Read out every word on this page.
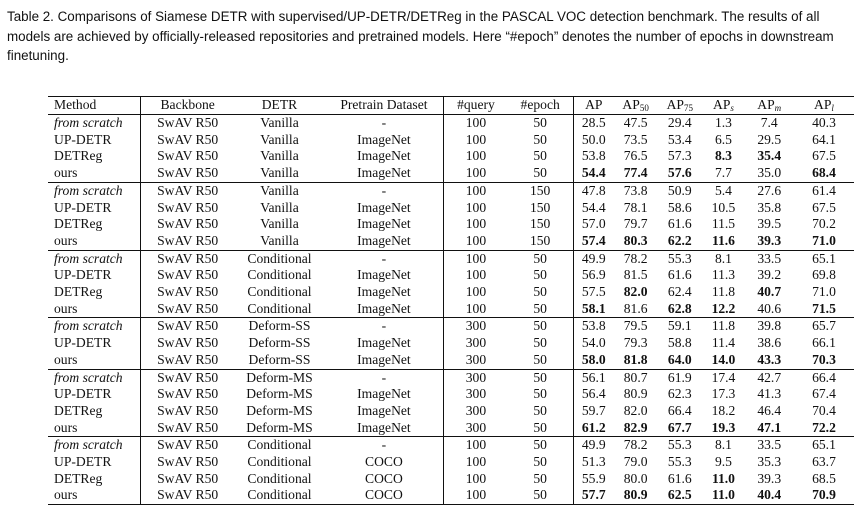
Table 2. Comparisons of Siamese DETR with supervised/UP-DETR/DETReg in the PASCAL VOC detection benchmark. The results of all models are achieved by officially-released repositories and pretrained models. Here “#epoch” denotes the number of epochs in downstream finetuning.

Method	Backbone	DETR	Pretrain Dataset	#query	#epoch	AP	$AP_{50}$	$AP_{75}$	$AP_s$	$AP_m$	$AP_l$
from scratch	SwAV R50	Vanilla	-	100	50	28.5	47.5	29.4	1.3	7.4	40.3
UP-DETR	SwAV R50	Vanilla	ImageNet	100	50	50.0	73.5	53.4	6.5	29.5	64.1
DETReg	SwAV R50	Vanilla	ImageNet	100	50	53.8	76.5	57.3	8.3	35.4	67.5
ours	SwAV R50	Vanilla	ImageNet	100	50	54.4	77.4	57.6	7.7	35.0	68.4
from scratch	SwAV R50	Vanilla	-	100	150	47.8	73.8	50.9	5.4	27.6	61.4
UP-DETR	SwAV R50	Vanilla	ImageNet	100	150	54.4	78.1	58.6	10.5	35.8	67.5
DETReg	SwAV R50	Vanilla	ImageNet	100	150	57.0	79.7	61.6	11.5	39.5	70.2
ours	SwAV R50	Vanilla	ImageNet	100	150	57.4	80.3	62.2	11.6	39.3	71.0
from scratch	SwAV R50	Conditional	-	100	50	49.9	78.2	55.3	8.1	33.5	65.1
UP-DETR	SwAV R50	Conditional	ImageNet	100	50	56.9	81.5	61.6	11.3	39.2	69.8
DETReg	SwAV R50	Conditional	ImageNet	100	50	57.5	82.0	62.4	11.8	40.7	71.0
ours	SwAV R50	Conditional	ImageNet	100	50	58.1	81.6	62.8	12.2	40.6	71.5
from scratch	SwAV R50	Deform-SS	-	300	50	53.8	79.5	59.1	11.8	39.8	65.7
UP-DETR	SwAV R50	Deform-SS	ImageNet	300	50	54.0	79.3	58.8	11.4	38.6	66.1
ours	SwAV R50	Deform-SS	ImageNet	300	50	58.0	81.8	64.0	14.0	43.3	70.3
from scratch	SwAV R50	Deform-MS	-	300	50	56.1	80.7	61.9	17.4	42.7	66.4
UP-DETR	SwAV R50	Deform-MS	ImageNet	300	50	56.4	80.9	62.3	17.3	41.3	67.4
DETReg	SwAV R50	Deform-MS	ImageNet	300	50	59.7	82.0	66.4	18.2	46.4	70.4
ours	SwAV R50	Deform-MS	ImageNet	300	50	61.2	82.9	67.7	19.3	47.1	72.2
from scratch	SwAV R50	Conditional	-	100	50	49.9	78.2	55.3	8.1	33.5	65.1
UP-DETR	SwAV R50	Conditional	COCO	100	50	51.3	79.0	55.3	9.5	35.3	63.7
DETReg	SwAV R50	Conditional	COCO	100	50	55.9	80.0	61.6	11.0	39.3	68.5
ours	SwAV R50	Conditional	COCO	100	50	57.7	80.9	62.5	11.0	40.4	70.9
